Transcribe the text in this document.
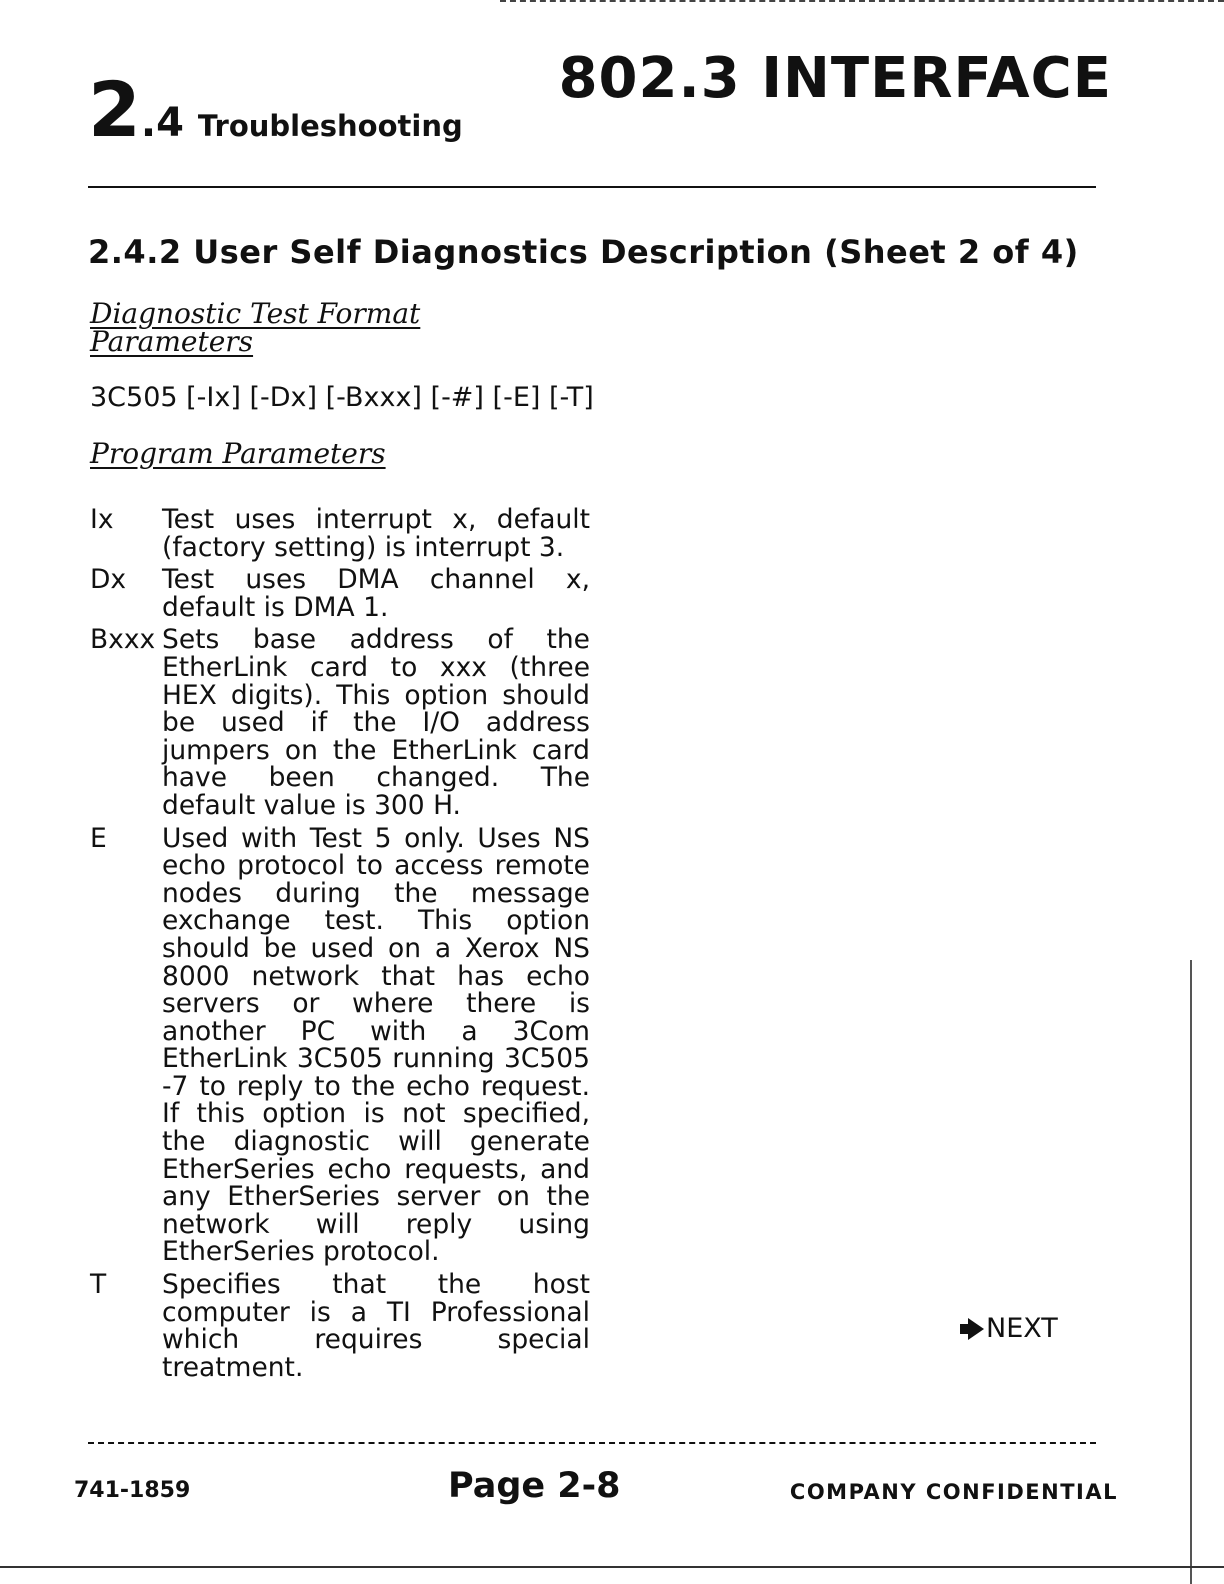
2.4 Troubleshooting
802.3 INTERFACE
2.4.2 User Self Diagnostics Description (Sheet 2 of 4)
Diagnostic Test Format
Parameters
3C505 [-Ix] [-Dx] [-Bxxx] [-#] [-E] [-T]
Program Parameters
Ix	Test uses interrupt x, default (factory setting) is interrupt 3.
Dx	Test uses DMA channel x, default is DMA 1.
Bxxx Sets base address of the EtherLink card to xxx (three HEX digits). This option should be used if the I/O address jumpers on the EtherLink card have been changed. The default value is 300 H.
E	Used with Test 5 only. Uses NS echo protocol to access remote nodes during the message exchange test. This option should be used on a Xerox NS 8000 network that has echo servers or where there is another PC with a 3Com EtherLink 3C505 running 3C505 -7 to reply to the echo request. If this option is not specified, the diagnostic will generate EtherSeries echo requests, and any EtherSeries server on the network will reply using EtherSeries protocol.
T	Specifies that the host computer is a TI Professional which requires special treatment.
NEXT
741-1859	Page 2-8	COMPANY CONFIDENTIAL
